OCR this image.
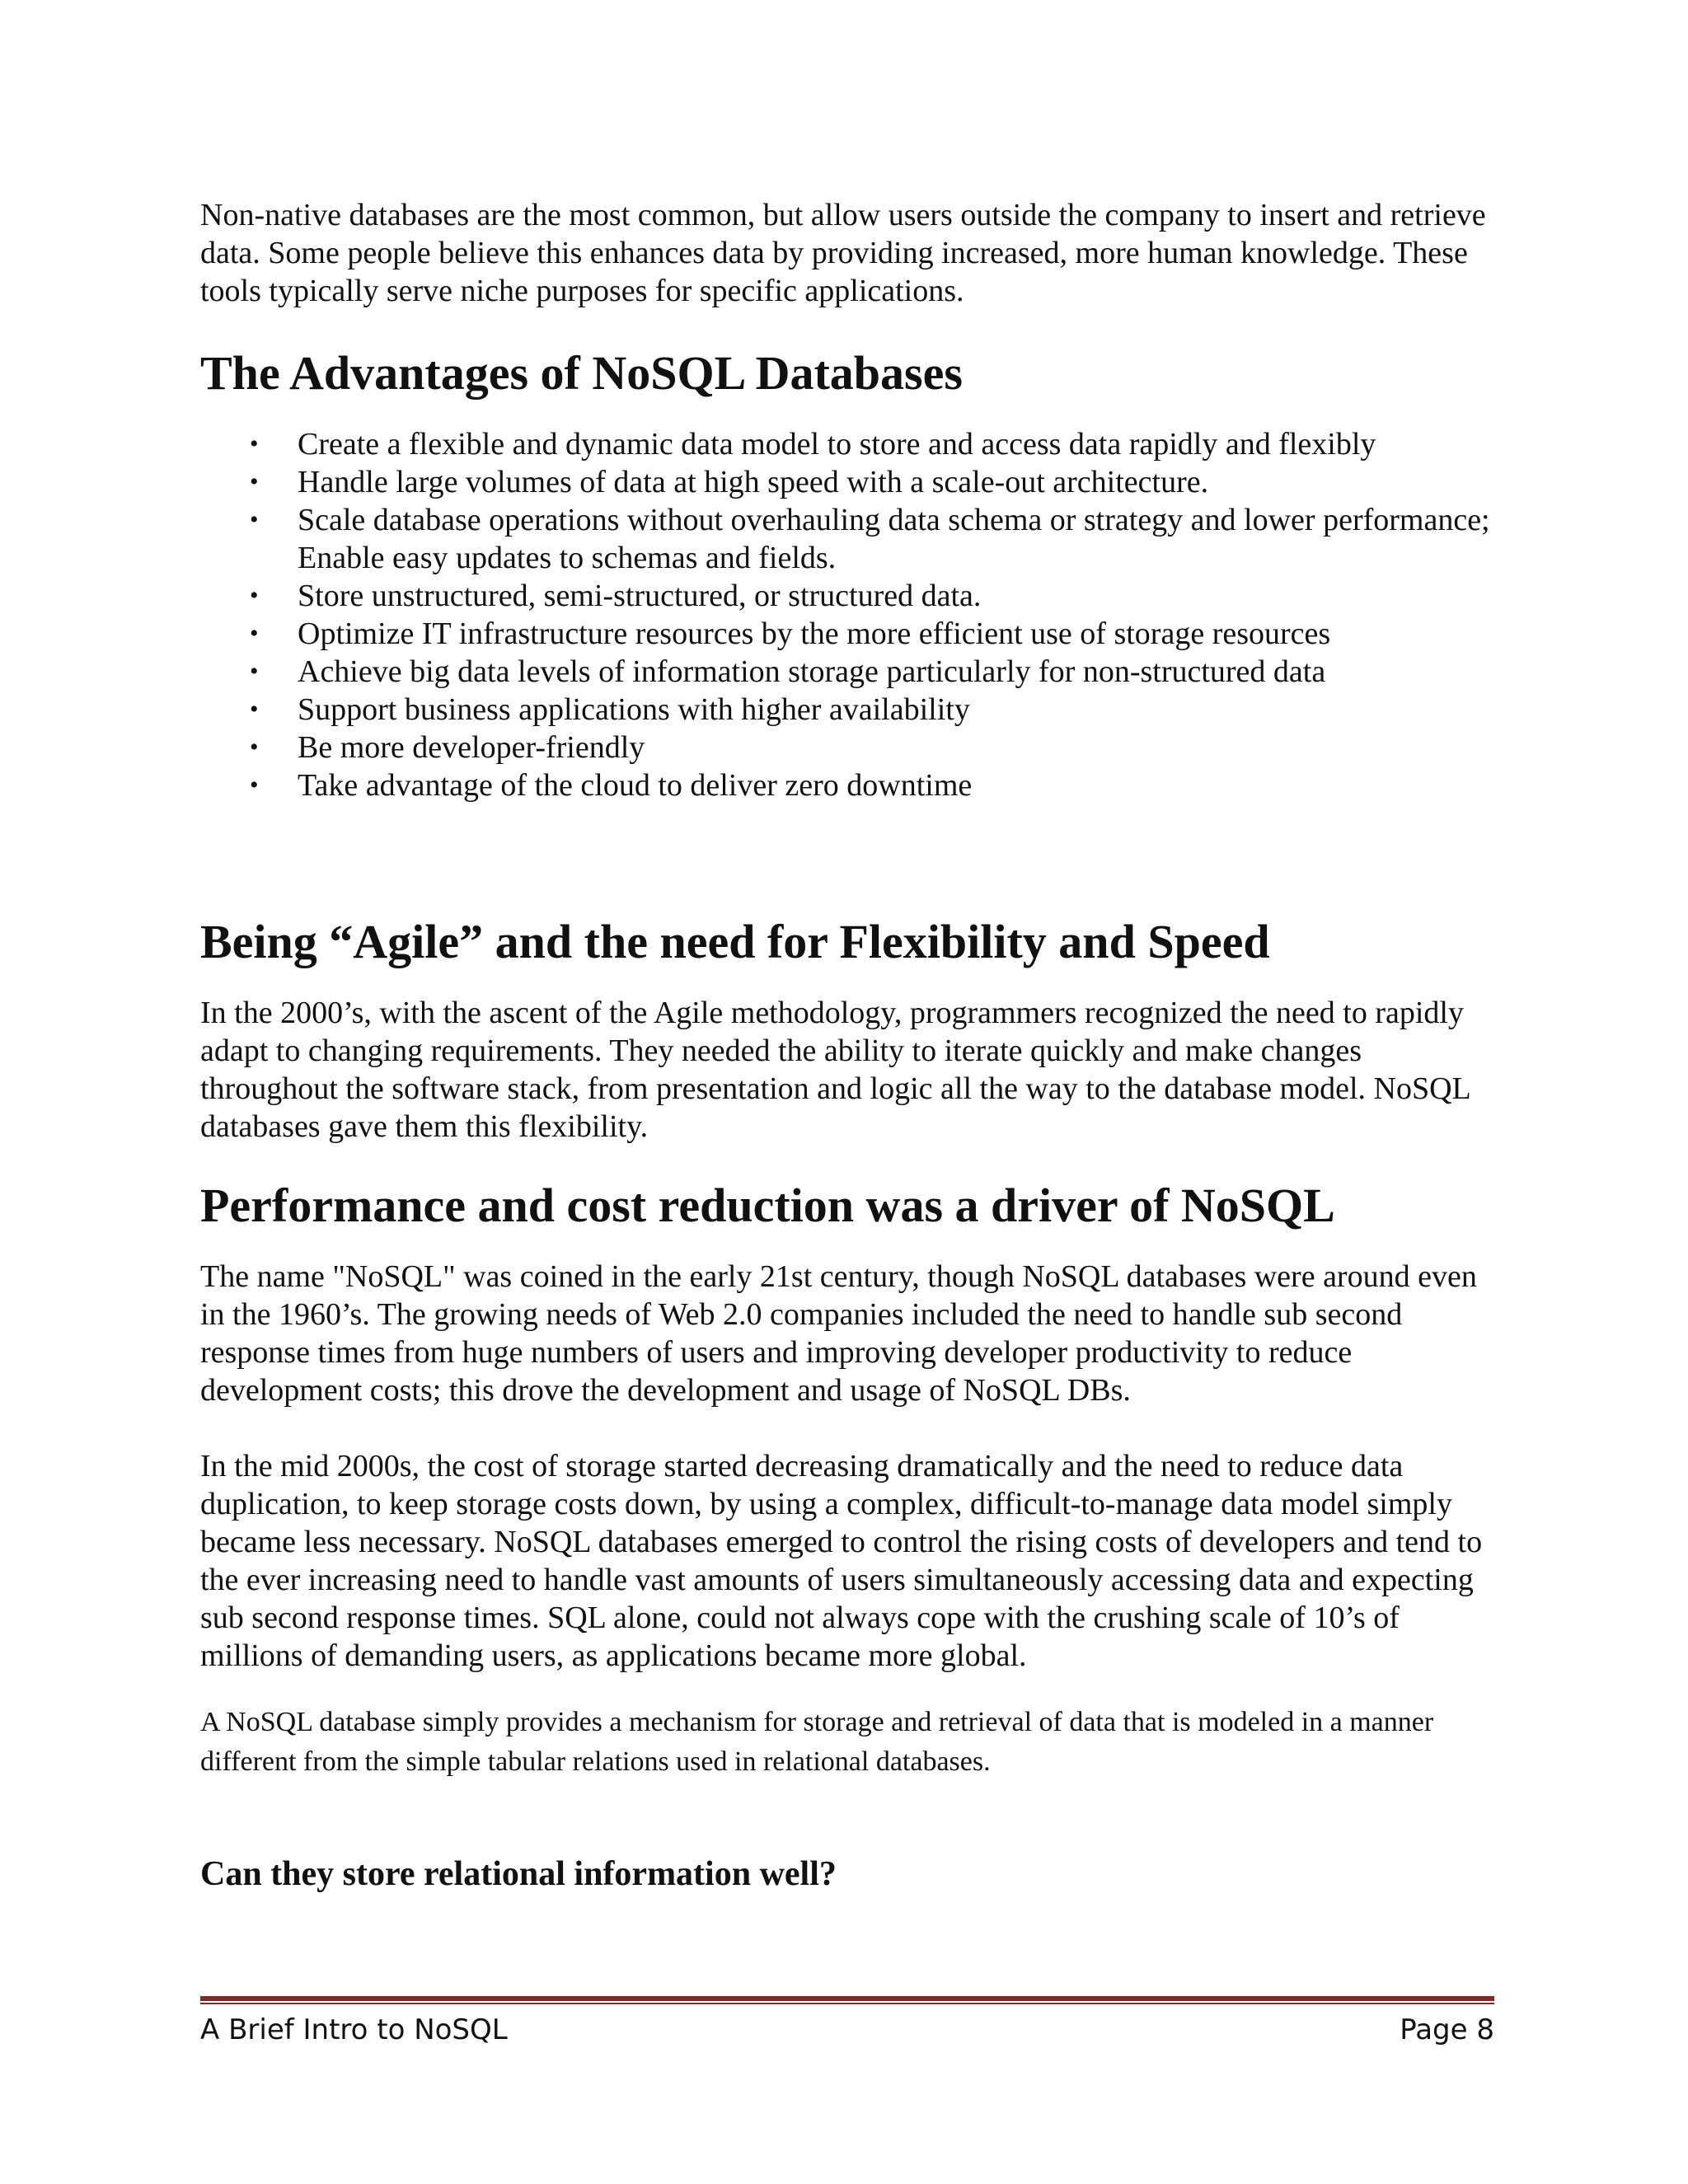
Non-native databases are the most common, but allow users outside the company to insert and retrieve data. Some people believe this enhances data by providing increased, more human knowledge. These tools typically serve niche purposes for specific applications.

The Advantages of NoSQL Databases
• Create a flexible and dynamic data model to store and access data rapidly and flexibly
• Handle large volumes of data at high speed with a scale-out architecture.
• Scale database operations without overhauling data schema or strategy and lower performance; Enable easy updates to schemas and fields.
• Store unstructured, semi-structured, or structured data.
• Optimize IT infrastructure resources by the more efficient use of storage resources
• Achieve big data levels of information storage particularly for non-structured data
• Support business applications with higher availability
• Be more developer-friendly
• Take advantage of the cloud to deliver zero downtime
Being “Agile” and the need for Flexibility and Speed

In the 2000’s, with the ascent of the Agile methodology, programmers recognized the need to rapidly adapt to changing requirements. They needed the ability to iterate quickly and make changes throughout the software stack, from presentation and logic all the way to the database model. NoSQL databases gave them this flexibility.

Performance and cost reduction was a driver of NoSQL

The name "NoSQL" was coined in the early 21st century, though NoSQL databases were around even in the 1960’s. The growing needs of Web 2.0 companies included the need to handle sub second response times from huge numbers of users and improving developer productivity to reduce development costs; this drove the development and usage of NoSQL DBs.

In the mid 2000s, the cost of storage started decreasing dramatically and the need to reduce data duplication, to keep storage costs down, by using a complex, difficult-to-manage data model simply became less necessary. NoSQL databases emerged to control the rising costs of developers and tend to the ever increasing need to handle vast amounts of users simultaneously accessing data and expecting sub second response times. SQL alone, could not always cope with the crushing scale of 10’s of millions of demanding users, as applications became more global.

A NoSQL database simply provides a mechanism for storage and retrieval of data that is modeled in a manner different from the simple tabular relations used in relational databases.

Can they store relational information well?
A Brief Intro to NoSQL	Page 8
